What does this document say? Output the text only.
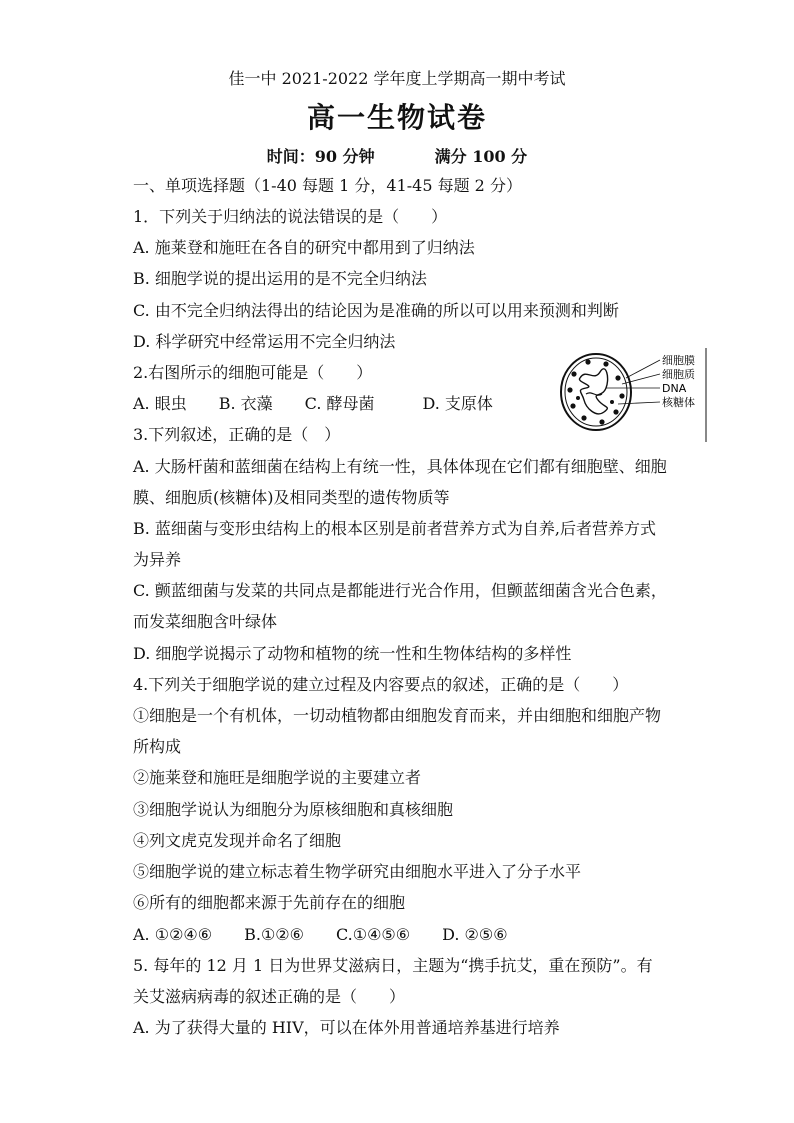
佳一中 2021-2022 学年度上学期高一期中考试
高一生物试卷
时间：90 分钟	满分 100 分
一、单项选择题（1-40 每题 1 分，41-45 每题 2 分）
1．下列关于归纳法的说法错误的是（　　）
A. 施莱登和施旺在各自的研究中都用到了归纳法
B. 细胞学说的提出运用的是不完全归纳法
C. 由不完全归纳法得出的结论因为是准确的所以可以用来预测和判断
D. 科学研究中经常运用不完全归纳法
2.右图所示的细胞可能是（　　）
A. 眼虫　　B. 衣藻　　C. 酵母菌　　　D. 支原体
细胞膜
细胞质
DNA
核糖体
3.下列叙述，正确的是（　）
A. 大肠杆菌和蓝细菌在结构上有统一性，具体体现在它们都有细胞壁、细胞
膜、细胞质(核糖体)及相同类型的遗传物质等
B. 蓝细菌与变形虫结构上的根本区别是前者营养方式为自养,后者营养方式
为异养
C. 颤蓝细菌与发菜的共同点是都能进行光合作用，但颤蓝细菌含光合色素，
而发菜细胞含叶绿体
D. 细胞学说揭示了动物和植物的统一性和生物体结构的多样性
4.下列关于细胞学说的建立过程及内容要点的叙述，正确的是（　　）
①细胞是一个有机体，一切动植物都由细胞发育而来，并由细胞和细胞产物
所构成
②施莱登和施旺是细胞学说的主要建立者
③细胞学说认为细胞分为原核细胞和真核细胞
④列文虎克发现并命名了细胞
⑤细胞学说的建立标志着生物学研究由细胞水平进入了分子水平
⑥所有的细胞都来源于先前存在的细胞
A. ①②④⑥　　B.①②⑥　　C.①④⑤⑥　　D. ②⑤⑥
5. 每年的 12 月 1 日为世界艾滋病日，主题为“携手抗艾，重在预防”。有
关艾滋病病毒的叙述正确的是（　　）
A. 为了获得大量的 HIV，可以在体外用普通培养基进行培养
